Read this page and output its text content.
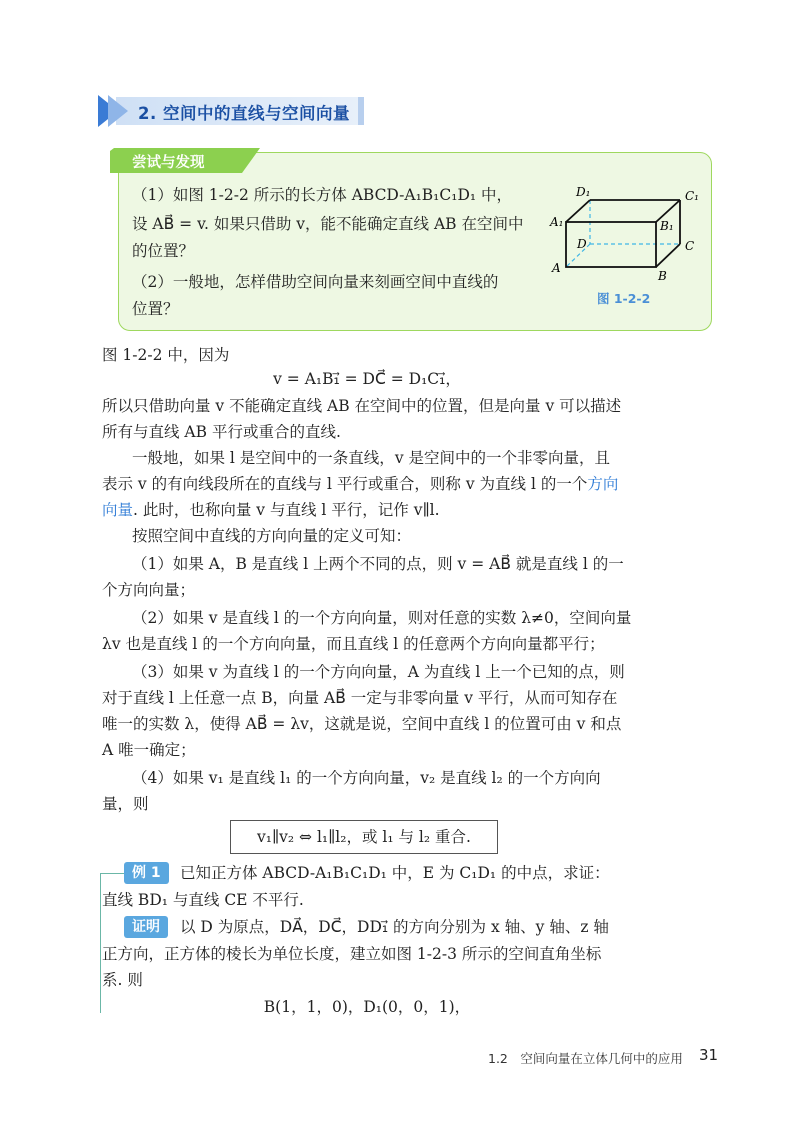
2. 空间中的直线与空间向量
尝试与发现
（1）如图 1-2-2 所示的长方体 ABCD-A₁B₁C₁D₁ 中，
设 AB⃗ = v. 如果只借助 v，能不能确定直线 AB 在空间中
的位置？
（2）一般地，怎样借助空间向量来刻画空间中直线的
位置？
D₁	C₁
A₁	B₁
D	C
A
B
图 1-2-2
图 1-2-2 中，因为
v = A₁B₁⃗ = DC⃗ = D₁C₁⃗，
所以只借助向量 v 不能确定直线 AB 在空间中的位置，但是向量 v 可以描述
所有与直线 AB 平行或重合的直线.
一般地，如果 l 是空间中的一条直线，v 是空间中的一个非零向量，且
表示 v 的有向线段所在的直线与 l 平行或重合，则称 v 为直线 l 的一个方向
向量. 此时，也称向量 v 与直线 l 平行，记作 v∥l.
按照空间中直线的方向向量的定义可知：
（1）如果 A，B 是直线 l 上两个不同的点，则 v = AB⃗ 就是直线 l 的一
个方向向量；
（2）如果 v 是直线 l 的一个方向向量，则对任意的实数 λ≠0，空间向量
λv 也是直线 l 的一个方向向量，而且直线 l 的任意两个方向向量都平行；
（3）如果 v 为直线 l 的一个方向向量，A 为直线 l 上一个已知的点，则
对于直线 l 上任意一点 B，向量 AB⃗ 一定与非零向量 v 平行，从而可知存在
唯一的实数 λ，使得 AB⃗ = λv，这就是说，空间中直线 l 的位置可由 v 和点
A 唯一确定；
（4）如果 v₁ 是直线 l₁ 的一个方向向量，v₂ 是直线 l₂ 的一个方向向
量，则
v₁∥v₂ ⇔ l₁∥l₂，或 l₁ 与 l₂ 重合.
例 1	已知正方体 ABCD-A₁B₁C₁D₁ 中，E 为 C₁D₁ 的中点，求证：
直线 BD₁ 与直线 CE 不平行.
证明	以 D 为原点，DA⃗，DC⃗，DD₁⃗ 的方向分别为 x 轴、y 轴、z 轴
正方向，正方体的棱长为单位长度，建立如图 1-2-3 所示的空间直角坐标
系. 则
B(1，1，0)，D₁(0，0，1)，
1.2　空间向量在立体几何中的应用 31
